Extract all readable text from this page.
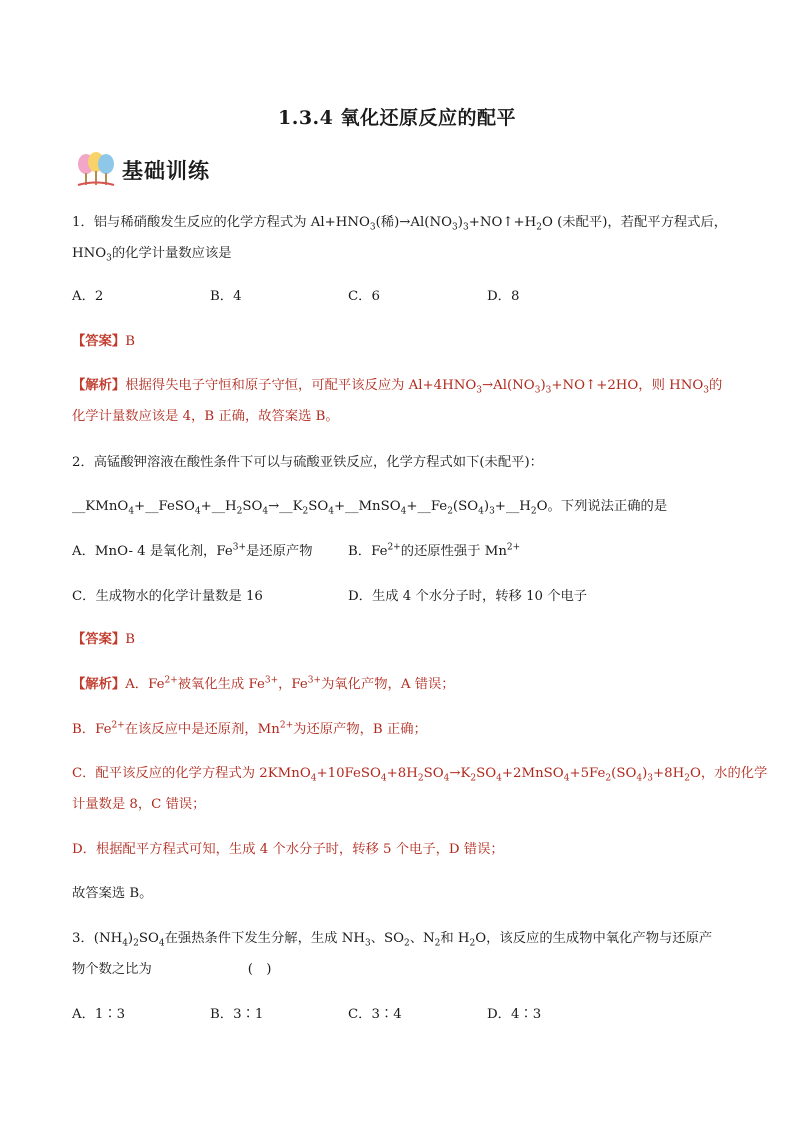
1.3.4 氧化还原反应的配平
基础训练
1．铝与稀硝酸发生反应的化学方程式为 $Al+HNO_3$(稀)$\to Al(NO_3)_3+NO↑+H_2O$ (未配平)，若配平方程式后，
$HNO_3$的化学计量数应该是
A．2	B．4	C．6	D．8
【答案】B
【解析】根据得失电子守恒和原子守恒，可配平该反应为 $Al+4HNO_3\to Al(NO_3)_3+NO↑+2HO$，则 $HNO_3$的
化学计量数应该是 4，B 正确，故答案选 B。
2．高锰酸钾溶液在酸性条件下可以与硫酸亚铁反应，化学方程式如下(未配平)：
$\_\_KMnO_4+\_\_FeSO_4+\_\_H_2SO_4\to\_\_K_2SO_4+\_\_MnSO_4+\_\_Fe_2(SO_4)_3+\_\_H_2O$。下列说法正确的是
A．MnO- 4 是氧化剂，$Fe^{3+}$是还原产物	B．$Fe^{2+}$的还原性强于 $Mn^{2+}$
C．生成物水的化学计量数是 16	D．生成 4 个水分子时，转移 10 个电子
【答案】B
【解析】A．$Fe^{2+}$被氧化生成 $Fe^{3+}$，$Fe^{3+}$为氧化产物，A 错误；
B．$Fe^{2+}$在该反应中是还原剂，$Mn^{2+}$为还原产物，B 正确；
C．配平该反应的化学方程式为 $2KMnO_4+10FeSO_4+8H_2SO_4\to K_2SO_4+2MnSO_4+5Fe_2(SO_4)_3+8H_2O$，水的化学
计量数是 8，C 错误；
D．根据配平方程式可知，生成 4 个水分子时，转移 5 个电子，D 错误；
故答案选 B。
3．$(NH_4)_2SO_4$在强热条件下发生分解，生成 $NH_3$、$SO_2$、$N_2$和 $H_2O$，该反应的生成物中氧化产物与还原产
物个数之比为	(　)
A．1∶3	B．3∶1	C．3∶4	D．4∶3
